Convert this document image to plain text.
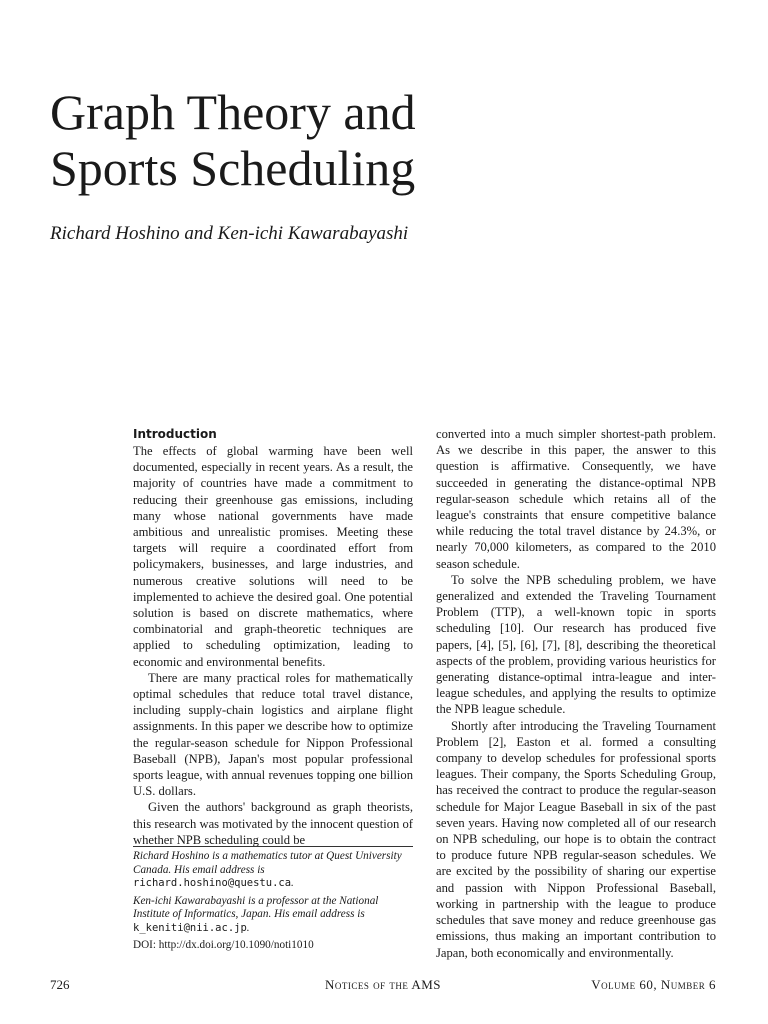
Graph Theory and
Sports Scheduling
Richard Hoshino and Ken-ichi Kawarabayashi
Introduction

The effects of global warming have been well documented, especially in recent years. As a result, the majority of countries have made a commitment to reducing their greenhouse gas emissions, including many whose national governments have made ambitious and unrealistic promises. Meeting these targets will require a coordinated effort from policymakers, businesses, and large industries, and numerous creative solutions will need to be implemented to achieve the desired goal. One potential solution is based on discrete mathematics, where combinatorial and graph-theoretic techniques are applied to scheduling optimization, leading to economic and environmental benefits.

There are many practical roles for mathematically optimal schedules that reduce total travel distance, including supply-chain logistics and airplane flight assignments. In this paper we describe how to optimize the regular-season schedule for Nippon Professional Baseball (NPB), Japan's most popular professional sports league, with annual revenues topping one billion U.S. dollars.

Given the authors' background as graph theorists, this research was motivated by the innocent question of whether NPB scheduling could be

Richard Hoshino is a mathematics tutor at Quest University Canada. His email address is richard.hoshino@questu.ca.

Ken-ichi Kawarabayashi is a professor at the National Institute of Informatics, Japan. His email address is k_keniti@nii.ac.jp.

DOI: http://dx.doi.org/10.1090/noti1010

converted into a much simpler shortest-path problem. As we describe in this paper, the answer to this question is affirmative. Consequently, we have succeeded in generating the distance-optimal NPB regular-season schedule which retains all of the league's constraints that ensure competitive balance while reducing the total travel distance by 24.3%, or nearly 70,000 kilometers, as compared to the 2010 season schedule.

To solve the NPB scheduling problem, we have generalized and extended the Traveling Tournament Problem (TTP), a well-known topic in sports scheduling [10]. Our research has produced five papers, [4], [5], [6], [7], [8], describing the theoretical aspects of the problem, providing various heuristics for generating distance-optimal intra-league and inter-league schedules, and applying the results to optimize the NPB league schedule.

Shortly after introducing the Traveling Tournament Problem [2], Easton et al. formed a consulting company to develop schedules for professional sports leagues. Their company, the Sports Scheduling Group, has received the contract to produce the regular-season schedule for Major League Baseball in six of the past seven years. Having now completed all of our research on NPB scheduling, our hope is to obtain the contract to produce future NPB regular-season schedules. We are excited by the possibility of sharing our expertise and passion with Nippon Professional Baseball, working in partnership with the league to produce schedules that save money and reduce greenhouse gas emissions, thus making an important contribution to Japan, both economically and environmentally.

726	Notices of the AMS	Volume 60, Number 6
